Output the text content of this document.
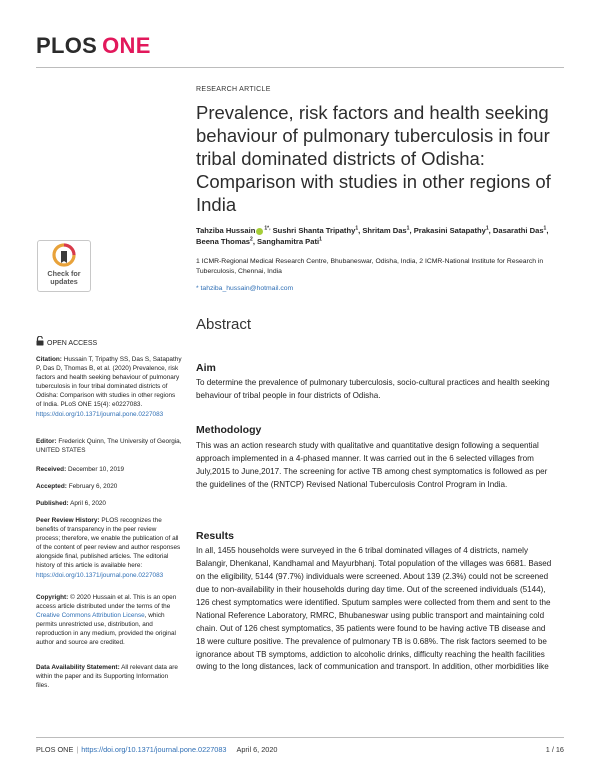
PLOS ONE
Check for
updates
OPEN ACCESS
Citation: Hussain T, Tripathy SS, Das S, Satapathy P, Das D, Thomas B, et al. (2020) Prevalence, risk factors and health seeking behaviour of pulmonary tuberculosis in four tribal dominated districts of Odisha: Comparison with studies in other regions of India. PLoS ONE 15(4): e0227083. https://doi.org/10.1371/journal.pone.0227083
Editor: Frederick Quinn, The University of Georgia, UNITED STATES
Received: December 10, 2019
Accepted: February 6, 2020
Published: April 6, 2020
Peer Review History: PLOS recognizes the benefits of transparency in the peer review process; therefore, we enable the publication of all of the content of peer review and author responses alongside final, published articles. The editorial history of this article is available here: https://doi.org/10.1371/journal.pone.0227083
Copyright: © 2020 Hussain et al. This is an open access article distributed under the terms of the Creative Commons Attribution License, which permits unrestricted use, distribution, and reproduction in any medium, provided the original author and source are credited.
Data Availability Statement: All relevant data are within the paper and its Supporting Information files.
RESEARCH ARTICLE
Prevalence, risk factors and health seeking behaviour of pulmonary tuberculosis in four tribal dominated districts of Odisha: Comparison with studies in other regions of India
Tahziba Hussain $^{1*,}$ Sushri Shanta Tripathy$^1$, Shritam Das$^1$, Prakasini Satapathy$^1$, Dasarathi Das$^1$, Beena Thomas$^2$, Sanghamitra Pati$^1$
1 ICMR-Regional Medical Research Centre, Bhubaneswar, Odisha, India, 2 ICMR-National Institute for Research in Tuberculosis, Chennai, India
* tahziba_hussain@hotmail.com
Abstract
Aim
To determine the prevalence of pulmonary tuberculosis, socio-cultural practices and health seeking behaviour of tribal people in four districts of Odisha.
Methodology
This was an action research study with qualitative and quantitative design following a sequential approach implemented in a 4-phased manner. It was carried out in the 6 selected villages from July,2015 to June,2017. The screening for active TB among chest symptomatics is followed as per the guidelines of the (RNTCP) Revised National Tuberculosis Control Program in India.
Results
In all, 1455 households were surveyed in the 6 tribal dominated villages of 4 districts, namely Balangir, Dhenkanal, Kandhamal and Mayurbhanj. Total population of the villages was 6681. Based on the eligibility, 5144 (97.7%) individuals were screened. About 139 (2.3%) could not be screened due to non-availability in their households during day time. Out of the screened individuals (5144), 126 chest symptomatics were identified. Sputum samples were collected from them and sent to the National Reference Laboratory, RMRC, Bhubaneswar using public transport and maintaining cold chain. Out of 126 chest symptomatics, 35 patients were found to be having active TB disease and 18 were culture positive. The prevalence of pulmonary TB is 0.68%. The risk factors seemed to be ignorance about TB symptoms, addiction to alcoholic drinks, difficulty reaching the health facilities owing to the long distances, lack of communication and transport. In addition, other morbidities like
PLOS ONE | https://doi.org/10.1371/journal.pone.0227083 April 6, 2020	1 / 16
